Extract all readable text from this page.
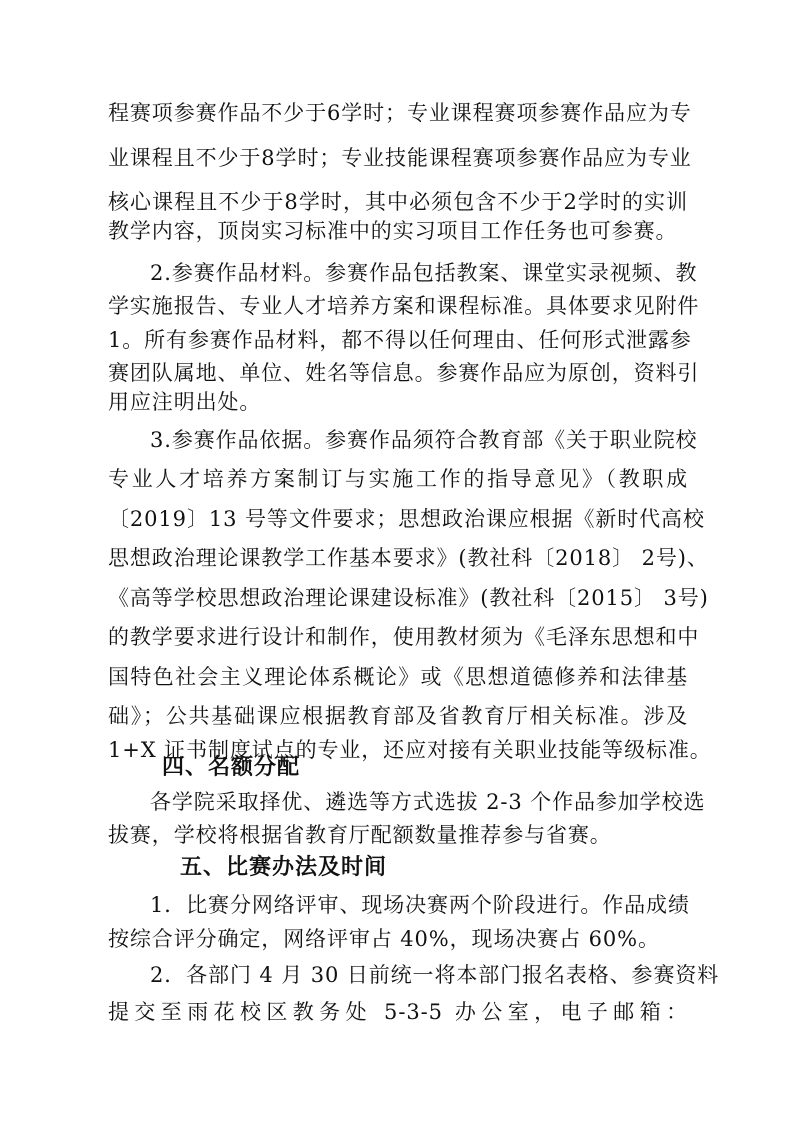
程赛项参赛作品不少于6学时；专业课程赛项参赛作品应为专
业课程且不少于8学时；专业技能课程赛项参赛作品应为专业
核心课程且不少于8学时，其中必须包含不少于2学时的实训
教学内容，顶岗实习标准中的实习项目工作任务也可参赛。
2.参赛作品材料。参赛作品包括教案、课堂实录视频、教
学实施报告、专业人才培养方案和课程标准。具体要求见附件
1。所有参赛作品材料，都不得以任何理由、任何形式泄露参
赛团队属地、单位、姓名等信息。参赛作品应为原创，资料引
用应注明出处。
3.参赛作品依据。参赛作品须符合教育部《关于职业院校
专业人才培养方案制订与实施工作的指导意见》（教职成
〔2019〕13 号等文件要求；思想政治课应根据《新时代高校
思想政治理论课教学工作基本要求》(教社科〔2018〕 2号)、
《高等学校思想政治理论课建设标准》(教社科〔2015〕 3号)
的教学要求进行设计和制作，使用教材须为《毛泽东思想和中
国特色社会主义理论体系概论》或《思想道德修养和法律基
础》；公共基础课应根据教育部及省教育厅相关标准。涉及
1+X 证书制度试点的专业，还应对接有关职业技能等级标准。
四、名额分配
各学院采取择优、遴选等方式选拔 2-3 个作品参加学校选
拔赛，学校将根据省教育厅配额数量推荐参与省赛。
五、比赛办法及时间
1．比赛分网络评审、现场决赛两个阶段进行。作品成绩
按综合评分确定，网络评审占 40%，现场决赛占 60%。
2．各部门 4 月 30 日前统一将本部门报名表格、参赛资料
提交至雨花校区教务处 5-3-5 办公室，电子邮箱：
